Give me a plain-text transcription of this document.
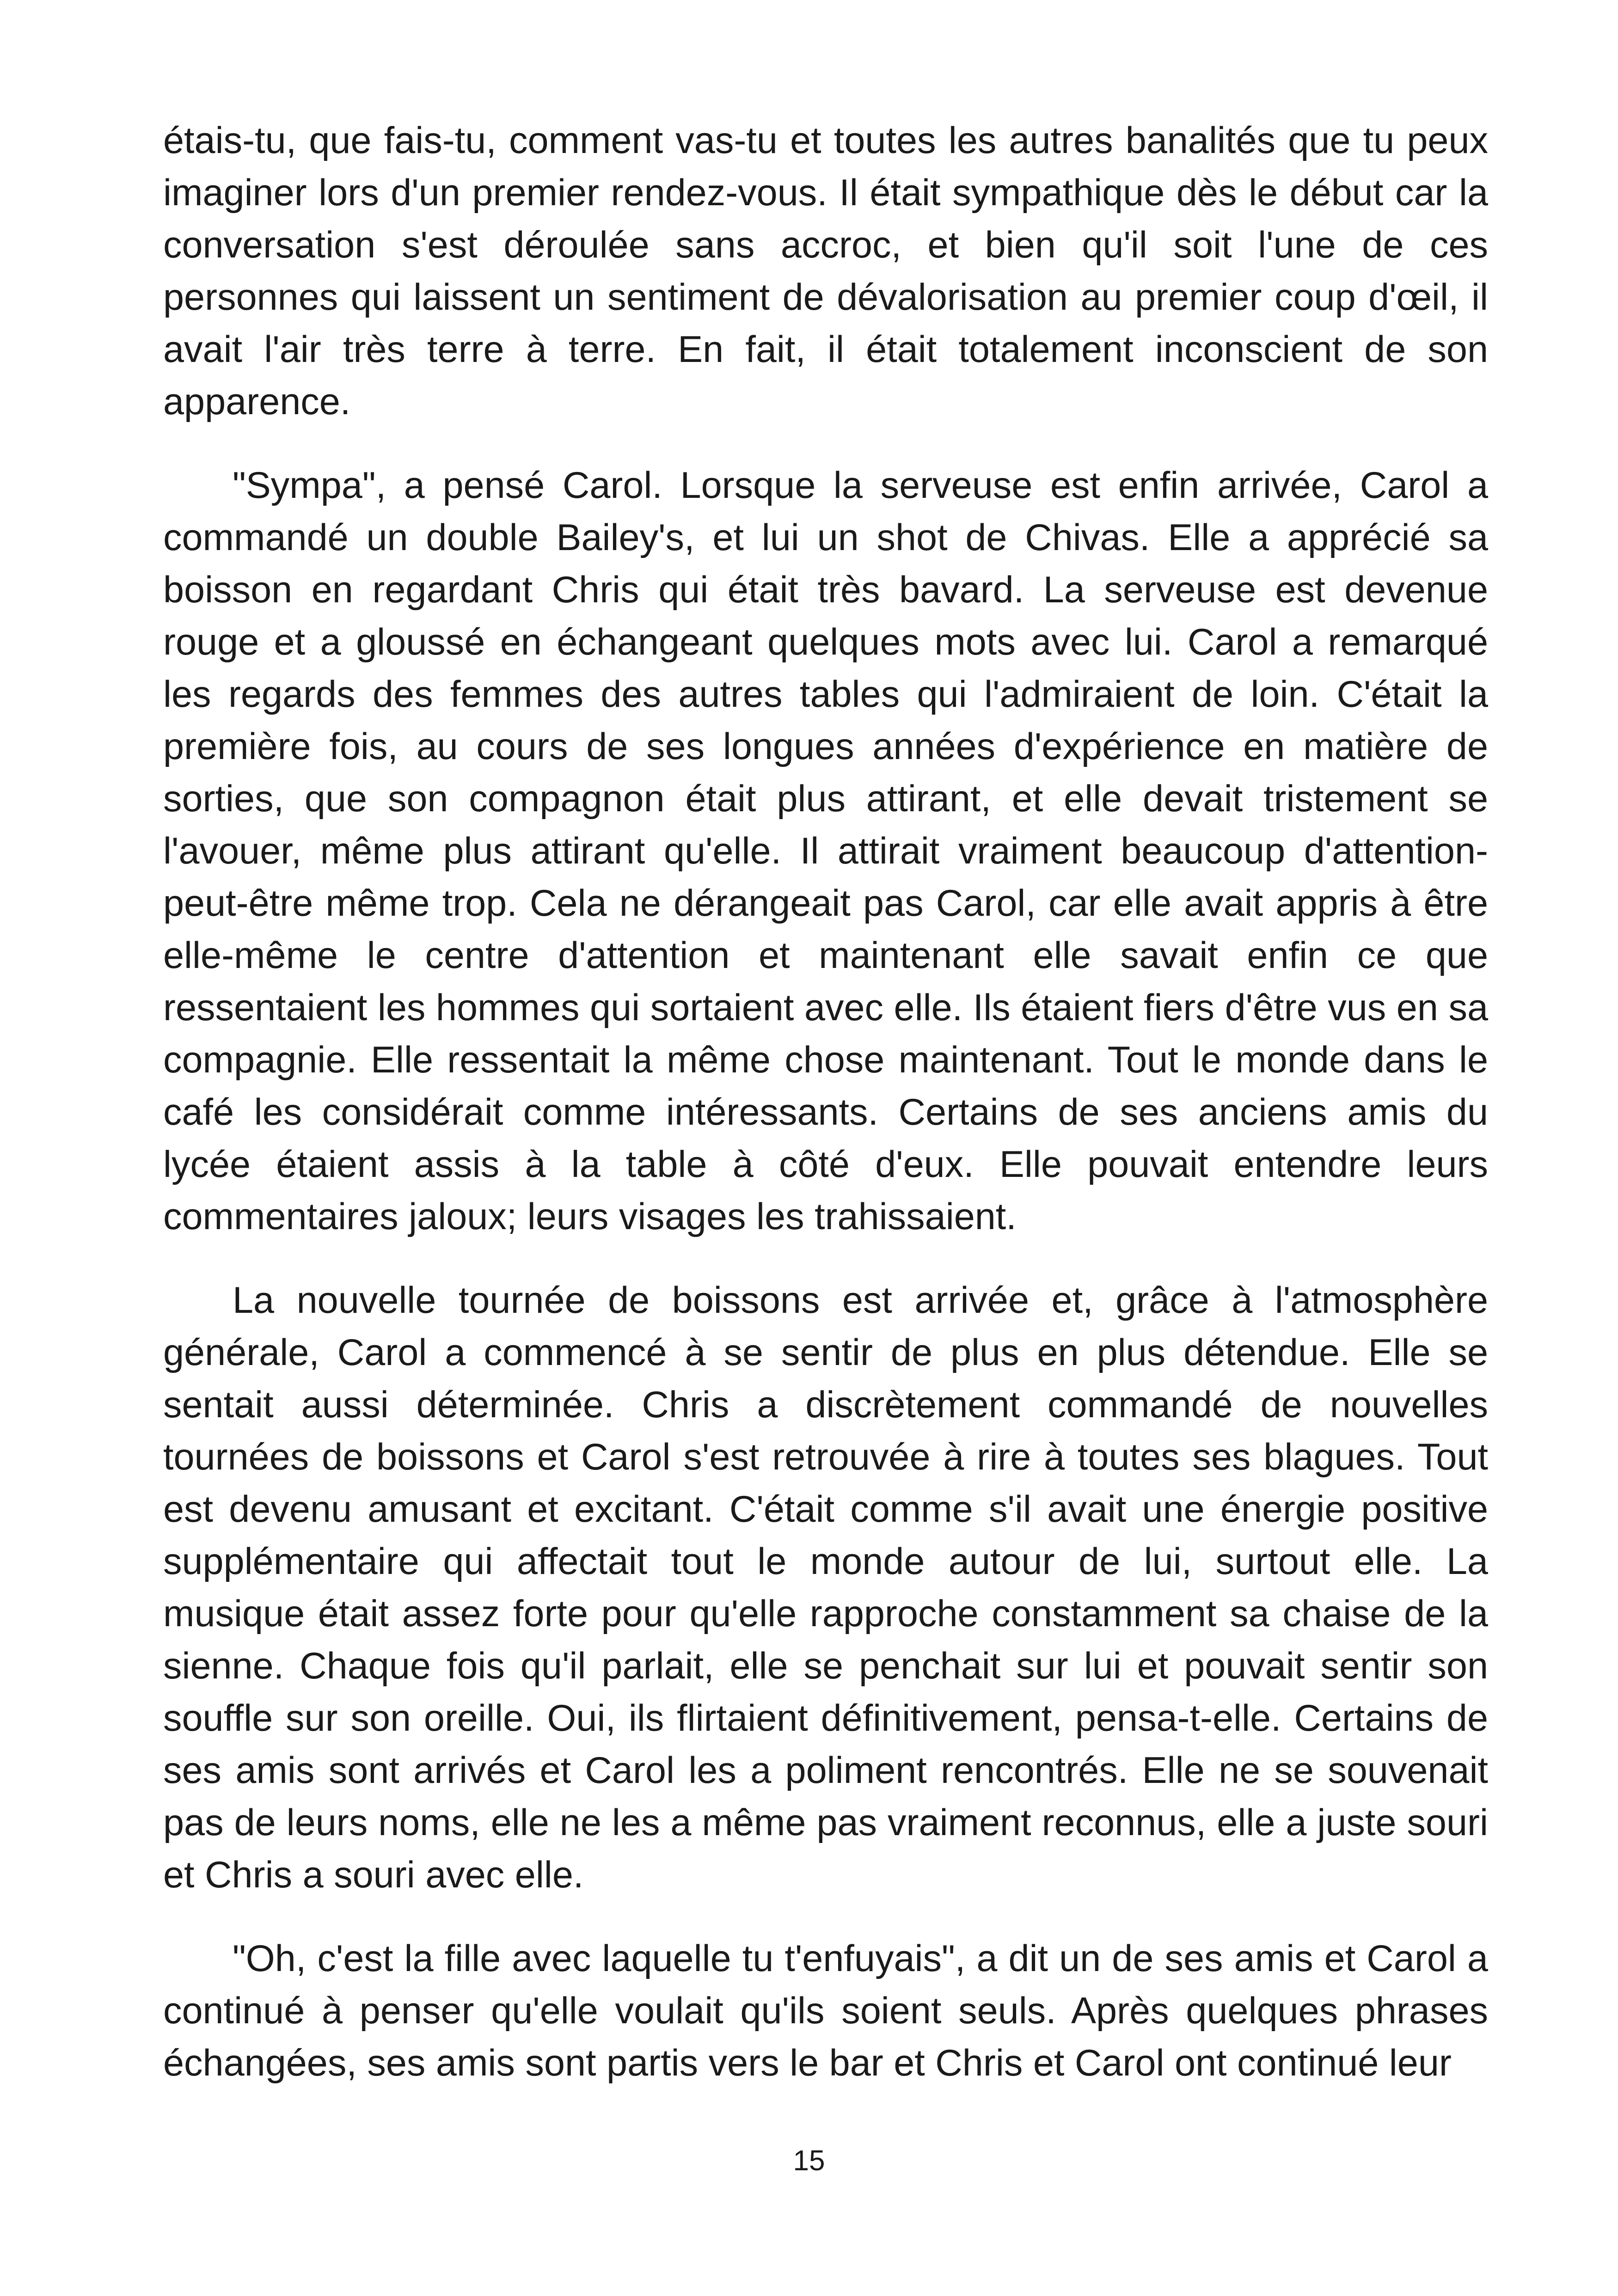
étais-tu, que fais-tu, comment vas-tu et toutes les autres banalités que tu peux imaginer lors d'un premier rendez-vous. Il était sympathique dès le début car la conversation s'est déroulée sans accroc, et bien qu'il soit l'une de ces personnes qui laissent un sentiment de dévalorisation au premier coup d'œil, il avait l'air très terre à terre. En fait, il était totalement inconscient de son apparence.

"Sympa", a pensé Carol. Lorsque la serveuse est enfin arrivée, Carol a commandé un double Bailey's, et lui un shot de Chivas. Elle a apprécié sa boisson en regardant Chris qui était très bavard. La serveuse est devenue rouge et a gloussé en échangeant quelques mots avec lui. Carol a remarqué les regards des femmes des autres tables qui l'admiraient de loin. C'était la première fois, au cours de ses longues années d'expérience en matière de sorties, que son compagnon était plus attirant, et elle devait tristement se l'avouer, même plus attirant qu'elle. Il attirait vraiment beaucoup d'attention- peut-être même trop. Cela ne dérangeait pas Carol, car elle avait appris à être elle-même le centre d'attention et maintenant elle savait enfin ce que ressentaient les hommes qui sortaient avec elle. Ils étaient fiers d'être vus en sa compagnie. Elle ressentait la même chose maintenant. Tout le monde dans le café les considérait comme intéressants. Certains de ses anciens amis du lycée étaient assis à la table à côté d'eux. Elle pouvait entendre leurs commentaires jaloux; leurs visages les trahissaient.

La nouvelle tournée de boissons est arrivée et, grâce à l'atmosphère générale, Carol a commencé à se sentir de plus en plus détendue. Elle se sentait aussi déterminée. Chris a discrètement commandé de nouvelles tournées de boissons et Carol s'est retrouvée à rire à toutes ses blagues. Tout est devenu amusant et excitant. C'était comme s'il avait une énergie positive supplémentaire qui affectait tout le monde autour de lui, surtout elle. La musique était assez forte pour qu'elle rapproche constamment sa chaise de la sienne. Chaque fois qu'il parlait, elle se penchait sur lui et pouvait sentir son souffle sur son oreille. Oui, ils flirtaient définitivement, pensa-t-elle. Certains de ses amis sont arrivés et Carol les a poliment rencontrés. Elle ne se souvenait pas de leurs noms, elle ne les a même pas vraiment reconnus, elle a juste souri et Chris a souri avec elle.

"Oh, c'est la fille avec laquelle tu t'enfuyais", a dit un de ses amis et Carol a continué à penser qu'elle voulait qu'ils soient seuls. Après quelques phrases échangées, ses amis sont partis vers le bar et Chris et Carol ont continué leur

15
